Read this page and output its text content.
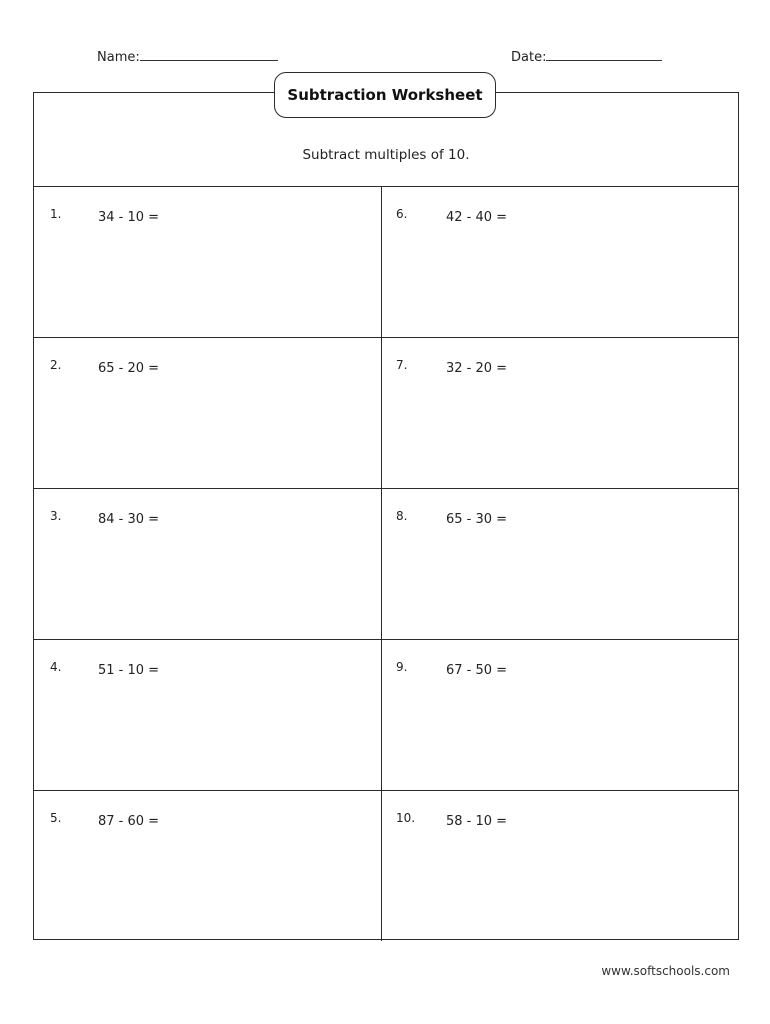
Name:	Date:
Subtract multiples of 10.
1.	34 - 10 =	6.	42 - 40 =
2.	65 - 20 =	7.	32 - 20 =
3.	84 - 30 =	8.	65 - 30 =
4.	51 - 10 =	9.	67 - 50 =
5.	87 - 60 =	10. 58 - 10 =
Subtraction Worksheet
www.softschools.com
